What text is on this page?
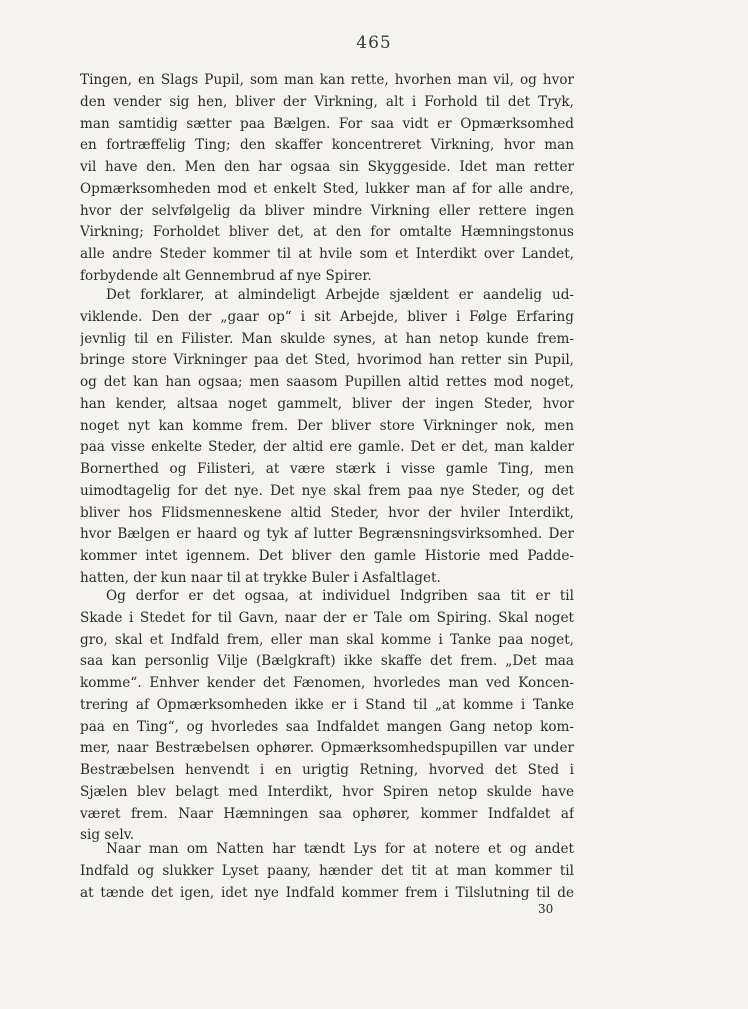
465
Tingen, en Slags Pupil, som man kan rette, hvorhen man vil, og hvor
den vender sig hen, bliver der Virkning, alt i Forhold til det Tryk,
man samtidig sætter paa Bælgen. For saa vidt er Opmærksomhed
en fortræffelig Ting; den skaffer koncentreret Virkning, hvor man
vil have den. Men den har ogsaa sin Skyggeside. Idet man retter
Opmærksomheden mod et enkelt Sted, lukker man af for alle andre,
hvor der selvfølgelig da bliver mindre Virkning eller rettere ingen
Virkning; Forholdet bliver det, at den for omtalte Hæmningstonus
alle andre Steder kommer til at hvile som et Interdikt over Landet,
forbydende alt Gennembrud af nye Spirer.
Det forklarer, at almindeligt Arbejde sjældent er aandelig ud-
viklende. Den der „gaar op“ i sit Arbejde, bliver i Følge Erfaring
jevnlig til en Filister. Man skulde synes, at han netop kunde frem-
bringe store Virkninger paa det Sted, hvorimod han retter sin Pupil,
og det kan han ogsaa; men saasom Pupillen altid rettes mod noget,
han kender, altsaa noget gammelt, bliver der ingen Steder, hvor
noget nyt kan komme frem. Der bliver store Virkninger nok, men
paa visse enkelte Steder, der altid ere gamle. Det er det, man kalder
Bornerthed og Filisteri, at være stærk i visse gamle Ting, men
uimodtagelig for det nye. Det nye skal frem paa nye Steder, og det
bliver hos Flidsmenneskene altid Steder, hvor der hviler Interdikt,
hvor Bælgen er haard og tyk af lutter Begrænsningsvirksomhed. Der
kommer intet igennem. Det bliver den gamle Historie med Padde-
hatten, der kun naar til at trykke Buler i Asfaltlaget.
Og derfor er det ogsaa, at individuel Indgriben saa tit er til
Skade i Stedet for til Gavn, naar der er Tale om Spiring. Skal noget
gro, skal et Indfald frem, eller man skal komme i Tanke paa noget,
saa kan personlig Vilje (Bælgkraft) ikke skaffe det frem. „Det maa
komme“. Enhver kender det Fænomen, hvorledes man ved Koncen-
trering af Opmærksomheden ikke er i Stand til „at komme i Tanke
paa en Ting“, og hvorledes saa Indfaldet mangen Gang netop kom-
mer, naar Bestræbelsen ophører. Opmærksomhedspupillen var under
Bestræbelsen henvendt i en urigtig Retning, hvorved det Sted i
Sjælen blev belagt med Interdikt, hvor Spiren netop skulde have
været frem. Naar Hæmningen saa ophører, kommer Indfaldet af
sig selv.
Naar man om Natten har tændt Lys for at notere et og andet
Indfald og slukker Lyset paany, hænder det tit at man kommer til
at tænde det igen, idet nye Indfald kommer frem i Tilslutning til de
30
